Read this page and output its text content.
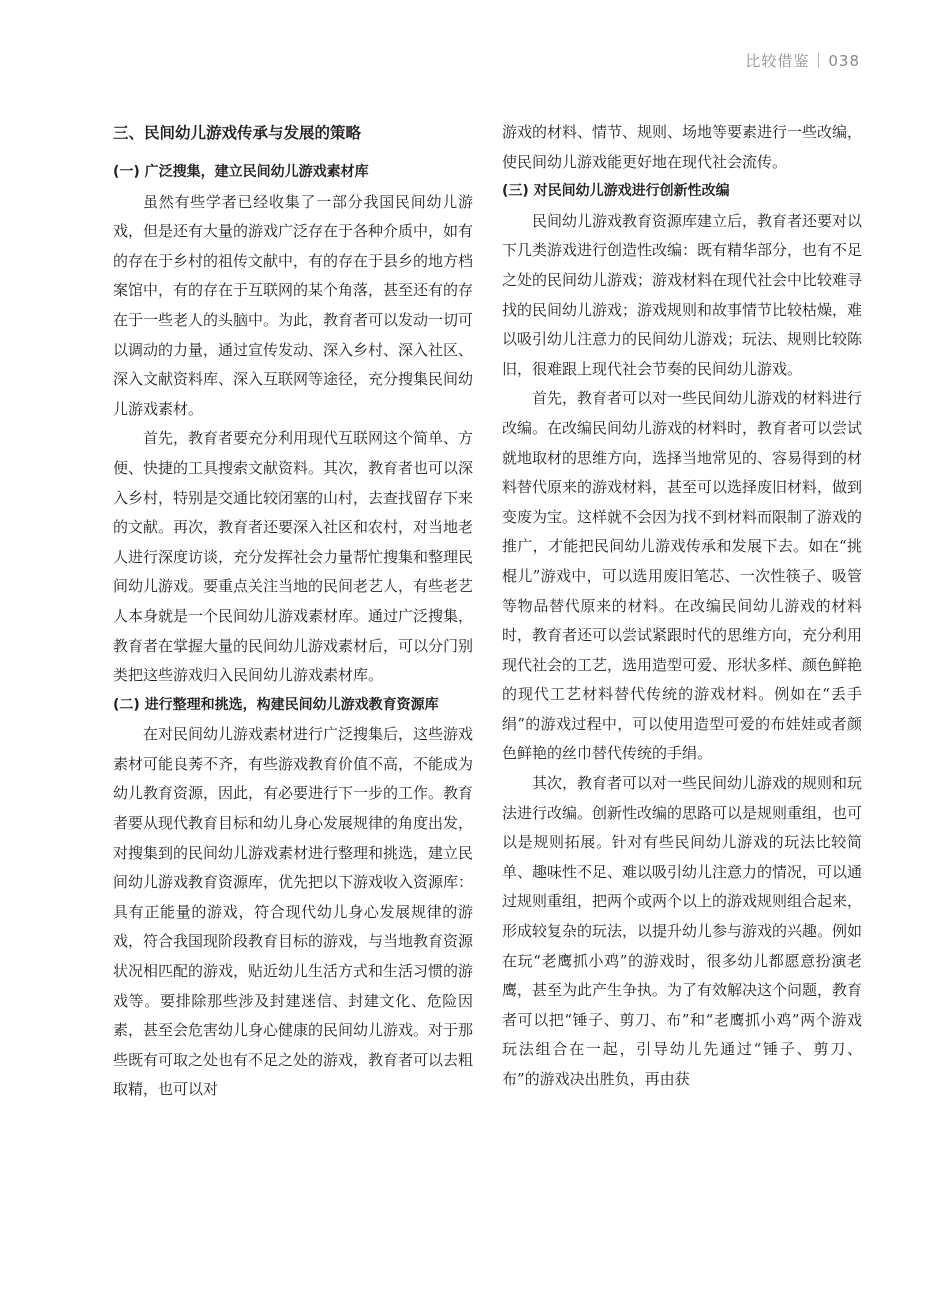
比较借鉴 038
三、民间幼儿游戏传承与发展的策略
(一) 广泛搜集，建立民间幼儿游戏素材库

虽然有些学者已经收集了一部分我国民间幼儿游戏，但是还有大量的游戏广泛存在于各种介质中，如有的存在于乡村的祖传文献中，有的存在于县乡的地方档案馆中，有的存在于互联网的某个角落，甚至还有的存在于一些老人的头脑中。为此，教育者可以发动一切可以调动的力量，通过宣传发动、深入乡村、深入社区、深入文献资料库、深入互联网等途径，充分搜集民间幼儿游戏素材。

首先，教育者要充分利用现代互联网这个简单、方便、快捷的工具搜索文献资料。其次，教育者也可以深入乡村，特别是交通比较闭塞的山村，去查找留存下来的文献。再次，教育者还要深入社区和农村，对当地老人进行深度访谈，充分发挥社会力量帮忙搜集和整理民间幼儿游戏。要重点关注当地的民间老艺人，有些老艺人本身就是一个民间幼儿游戏素材库。通过广泛搜集，教育者在掌握大量的民间幼儿游戏素材后，可以分门别类把这些游戏归入民间幼儿游戏素材库。

(二) 进行整理和挑选，构建民间幼儿游戏教育资源库

在对民间幼儿游戏素材进行广泛搜集后，这些游戏素材可能良莠不齐，有些游戏教育价值不高，不能成为幼儿教育资源，因此，有必要进行下一步的工作。教育者要从现代教育目标和幼儿身心发展规律的角度出发，对搜集到的民间幼儿游戏素材进行整理和挑选，建立民间幼儿游戏教育资源库，优先把以下游戏收入资源库：具有正能量的游戏，符合现代幼儿身心发展规律的游戏，符合我国现阶段教育目标的游戏，与当地教育资源状况相匹配的游戏，贴近幼儿生活方式和生活习惯的游戏等。要排除那些涉及封建迷信、封建文化、危险因素，甚至会危害幼儿身心健康的民间幼儿游戏。对于那些既有可取之处也有不足之处的游戏，教育者可以去粗取精，也可以对

游戏的材料、情节、规则、场地等要素进行一些改编，使民间幼儿游戏能更好地在现代社会流传。

(三) 对民间幼儿游戏进行创新性改编

民间幼儿游戏教育资源库建立后，教育者还要对以下几类游戏进行创造性改编：既有精华部分，也有不足之处的民间幼儿游戏；游戏材料在现代社会中比较难寻找的民间幼儿游戏；游戏规则和故事情节比较枯燥，难以吸引幼儿注意力的民间幼儿游戏；玩法、规则比较陈旧，很难跟上现代社会节奏的民间幼儿游戏。

首先，教育者可以对一些民间幼儿游戏的材料进行改编。在改编民间幼儿游戏的材料时，教育者可以尝试就地取材的思维方向，选择当地常见的、容易得到的材料替代原来的游戏材料，甚至可以选择废旧材料，做到变废为宝。这样就不会因为找不到材料而限制了游戏的推广，才能把民间幼儿游戏传承和发展下去。如在“挑棍儿”游戏中，可以选用废旧笔芯、一次性筷子、吸管等物品替代原来的材料。在改编民间幼儿游戏的材料时，教育者还可以尝试紧跟时代的思维方向，充分利用现代社会的工艺，选用造型可爱、形状多样、颜色鲜艳的现代工艺材料替代传统的游戏材料。例如在“丢手绢”的游戏过程中，可以使用造型可爱的布娃娃或者颜色鲜艳的丝巾替代传统的手绢。

其次，教育者可以对一些民间幼儿游戏的规则和玩法进行改编。创新性改编的思路可以是规则重组，也可以是规则拓展。针对有些民间幼儿游戏的玩法比较简单、趣味性不足、难以吸引幼儿注意力的情况，可以通过规则重组，把两个或两个以上的游戏规则组合起来，形成较复杂的玩法，以提升幼儿参与游戏的兴趣。例如在玩“老鹰抓小鸡”的游戏时，很多幼儿都愿意扮演老鹰，甚至为此产生争执。为了有效解决这个问题，教育者可以把“锤子、剪刀、布”和“老鹰抓小鸡”两个游戏玩法组合在一起，引导幼儿先通过“锤子、剪刀、布”的游戏决出胜负，再由获
